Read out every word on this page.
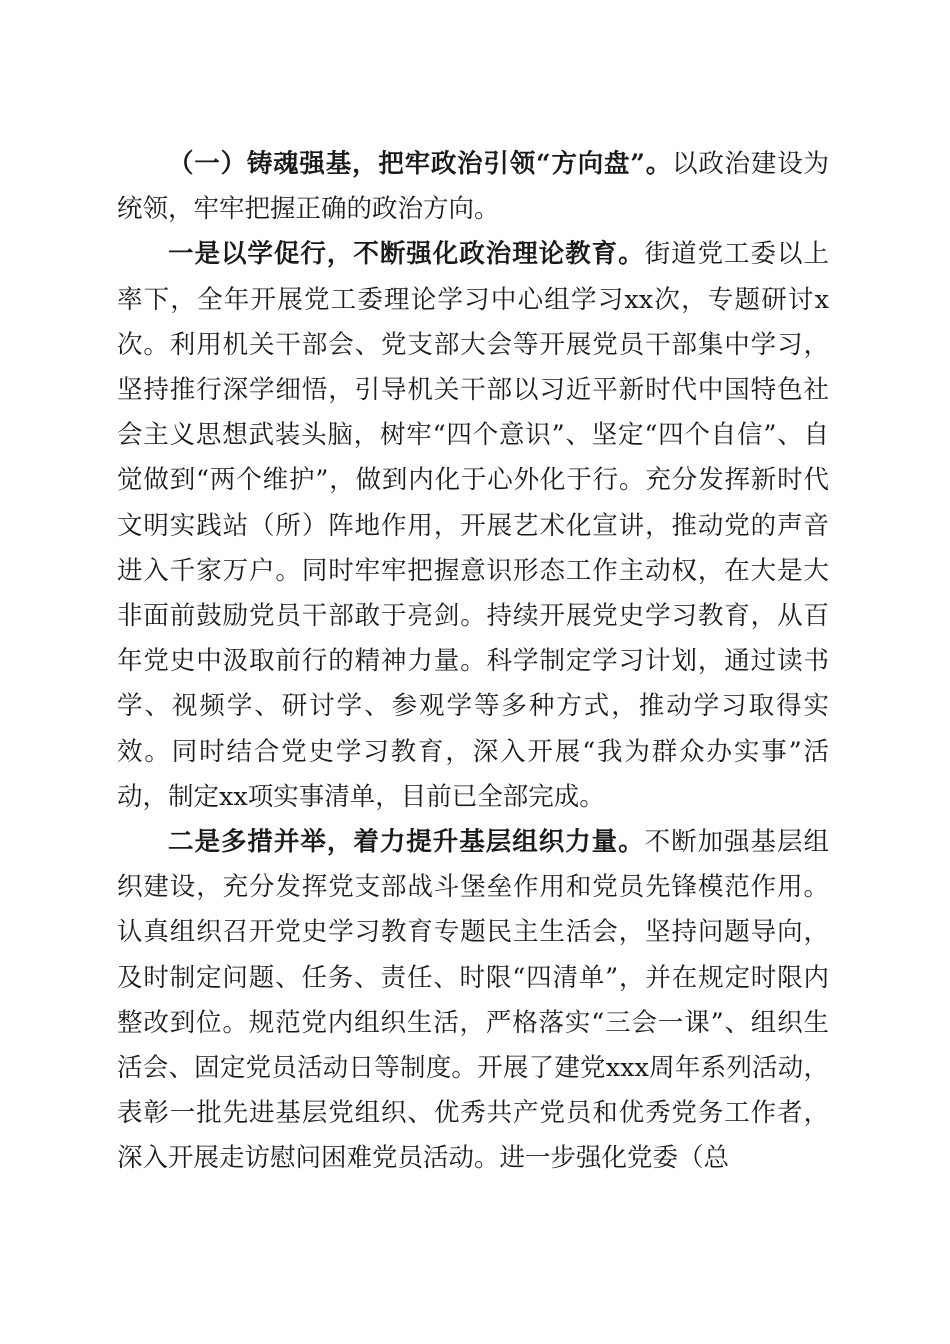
（一）铸魂强基，把牢政治引领“方向盘”。以政治建设为统领，牢牢把握正确的政治方向。

一是以学促行，不断强化政治理论教育。街道党工委以上率下，全年开展党工委理论学习中心组学习xx次，专题研讨x次。利用机关干部会、党支部大会等开展党员干部集中学习，坚持推行深学细悟，引导机关干部以习近平新时代中国特色社会主义思想武装头脑，树牢“四个意识”、坚定“四个自信”、自觉做到“两个维护”，做到内化于心外化于行。充分发挥新时代文明实践站（所）阵地作用，开展艺术化宣讲，推动党的声音进入千家万户。同时牢牢把握意识形态工作主动权，在大是大非面前鼓励党员干部敢于亮剑。持续开展党史学习教育，从百年党史中汲取前行的精神力量。科学制定学习计划，通过读书学、视频学、研讨学、参观学等多种方式，推动学习取得实效。同时结合党史学习教育，深入开展“我为群众办实事”活动，制定xx项实事清单，目前已全部完成。

二是多措并举，着力提升基层组织力量。不断加强基层组织建设，充分发挥党支部战斗堡垒作用和党员先锋模范作用。认真组织召开党史学习教育专题民主生活会，坚持问题导向，及时制定问题、任务、责任、时限“四清单”，并在规定时限内整改到位。规范党内组织生活，严格落实“三会一课”、组织生活会、固定党员活动日等制度。开展了建党xxx周年系列活动，表彰一批先进基层党组织、优秀共产党员和优秀党务工作者，深入开展走访慰问困难党员活动。进一步强化党委（总
